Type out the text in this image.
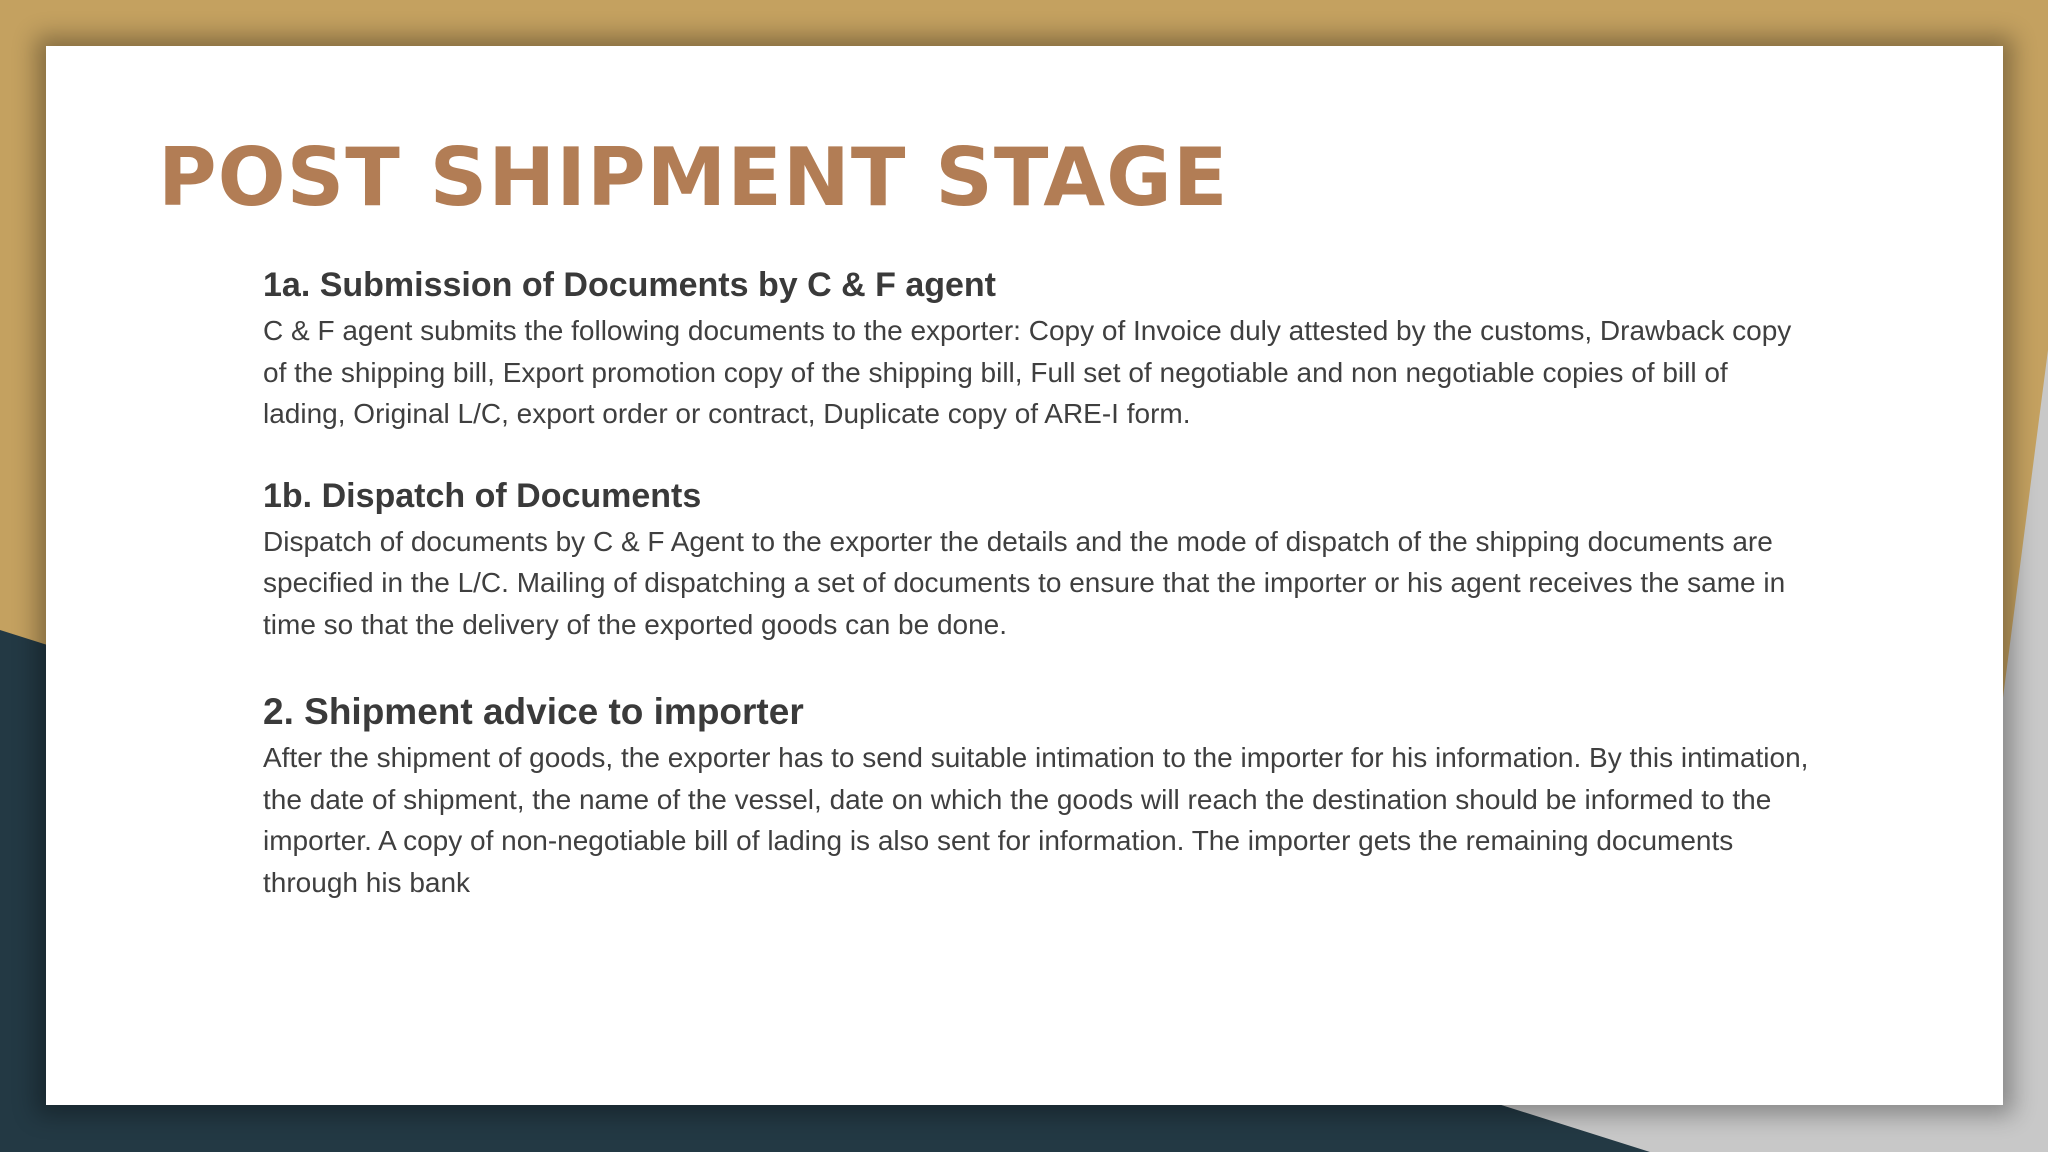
POST SHIPMENT STAGE
1a. Submission of Documents by C & F agent

C & F agent submits the following documents to the exporter: Copy of Invoice duly attested by the customs, Drawback copy of the shipping bill, Export promotion copy of the shipping bill, Full set of negotiable and non negotiable copies of bill of lading, Original L/C, export order or contract, Duplicate copy of ARE-I form.

1b. Dispatch of Documents

Dispatch of documents by C & F Agent to the exporter the details and the mode of dispatch of the shipping documents are specified in the L/C. Mailing of dispatching a set of documents to ensure that the importer or his agent receives the same in time so that the delivery of the exported goods can be done.

2. Shipment advice to importer

After the shipment of goods, the exporter has to send suitable intimation to the importer for his information. By this intimation, the date of shipment, the name of the vessel, date on which the goods will reach the destination should be informed to the importer. A copy of non-negotiable bill of lading is also sent for information. The importer gets the remaining documents through his bank
